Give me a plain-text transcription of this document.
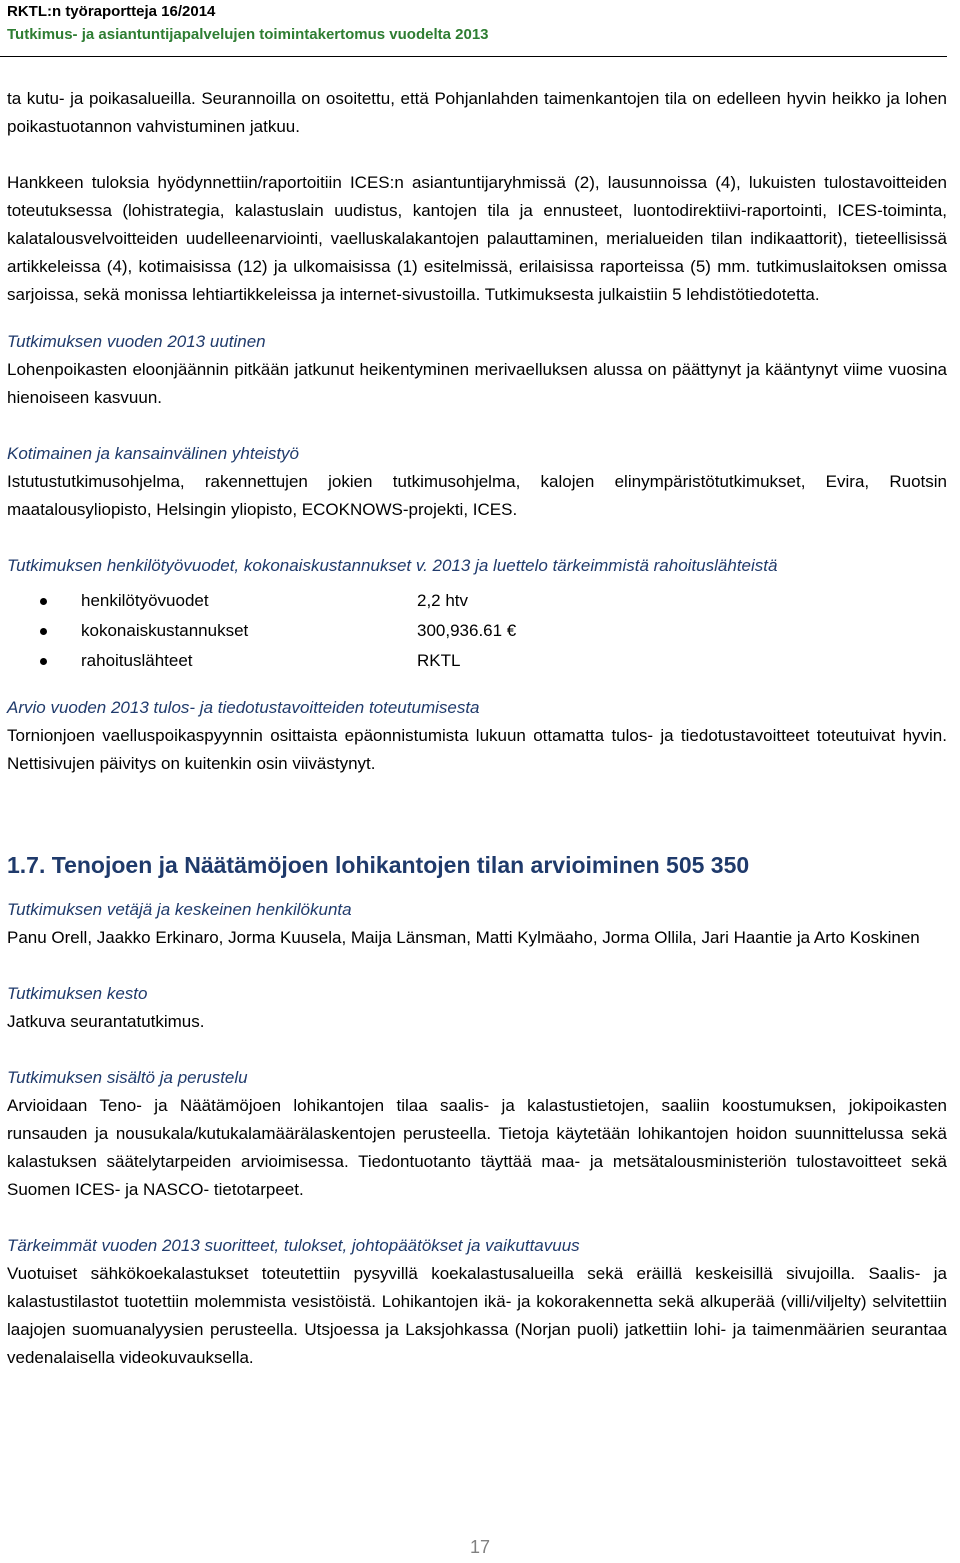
RKTL:n työraportteja 16/2014
Tutkimus- ja asiantuntijapalvelujen toimintakertomus vuodelta 2013

ta kutu- ja poikasalueilla. Seurannoilla on osoitettu, että Pohjanlahden taimenkantojen tila on edelleen hyvin heikko ja lohen poikastuotannon vahvistuminen jatkuu.

Hankkeen tuloksia hyödynnettiin/raportoitiin ICES:n asiantuntijaryhmissä (2), lausunnoissa (4), lukuisten tulostavoitteiden toteutuksessa (lohistrategia, kalastuslain uudistus, kantojen tila ja ennusteet, luontodirektiivi-raportointi, ICES-toiminta, kalatalousvelvoitteiden uudelleenarviointi, vaelluskalakantojen palauttaminen, merialueiden tilan indikaattorit), tieteellisissä artikkeleissa (4), kotimaisissa (12) ja ulkomaisissa (1) esitelmissä, erilaisissa raporteissa (5) mm. tutkimuslaitoksen omissa sarjoissa, sekä monissa lehtiartikkeleissa ja internet-sivustoilla. Tutkimuksesta julkaistiin 5 lehdistötiedotetta.

Tutkimuksen vuoden 2013 uutinen

Lohenpoikasten eloonjäännin pitkään jatkunut heikentyminen merivaelluksen alussa on päättynyt ja kääntynyt viime vuosina hienoiseen kasvuun.

Kotimainen ja kansainvälinen yhteistyö

Istutustutkimusohjelma, rakennettujen jokien tutkimusohjelma, kalojen elinympäristötutkimukset, Evira, Ruotsin maatalousyliopisto, Helsingin yliopisto, ECOKNOWS-projekti, ICES.

Tutkimuksen henkilötyövuodet, kokonaiskustannukset v. 2013 ja luettelo tärkeimmistä rahoituslähteistä

henkilötyövuodet	2,2 htv
kokonaiskustannukset	300,936.61 €
rahoituslähteet	RKTL

Arvio vuoden 2013 tulos- ja tiedotustavoitteiden toteutumisesta

Tornionjoen vaelluspoikaspyynnin osittaista epäonnistumista lukuun ottamatta tulos- ja tiedotustavoitteet toteutuivat hyvin. Nettisivujen päivitys on kuitenkin osin viivästynyt.

1.7. Tenojoen ja Näätämöjoen lohikantojen tilan arvioiminen 505 350

Tutkimuksen vetäjä ja keskeinen henkilökunta

Panu Orell, Jaakko Erkinaro, Jorma Kuusela, Maija Länsman, Matti Kylmäaho, Jorma Ollila, Jari Haantie ja Arto Koskinen

Tutkimuksen kesto

Jatkuva seurantatutkimus.

Tutkimuksen sisältö ja perustelu

Arvioidaan Teno- ja Näätämöjoen lohikantojen tilaa saalis- ja kalastustietojen, saaliin koostumuksen, jokipoikasten runsauden ja nousukala/kutukalamäärälaskentojen perusteella. Tietoja käytetään lohikantojen hoidon suunnittelussa sekä kalastuksen säätelytarpeiden arvioimisessa. Tiedontuotanto täyttää maa- ja metsätalousministeriön tulostavoitteet sekä Suomen ICES- ja NASCO- tietotarpeet.

Tärkeimmät vuoden 2013 suoritteet, tulokset, johtopäätökset ja vaikuttavuus

Vuotuiset sähkökoekalastukset toteutettiin pysyvillä koekalastusalueilla sekä eräillä keskeisillä sivujoilla. Saalis- ja kalastustilastot tuotettiin molemmista vesistöistä. Lohikantojen ikä- ja kokorakennetta sekä alkuperää (villi/viljelty) selvitettiin laajojen suomuanalyysien perusteella. Utsjoessa ja Laksjohkassa (Norjan puoli) jatkettiin lohi- ja taimenmäärien seurantaa vedenalaisella videokuvauksella.

17
